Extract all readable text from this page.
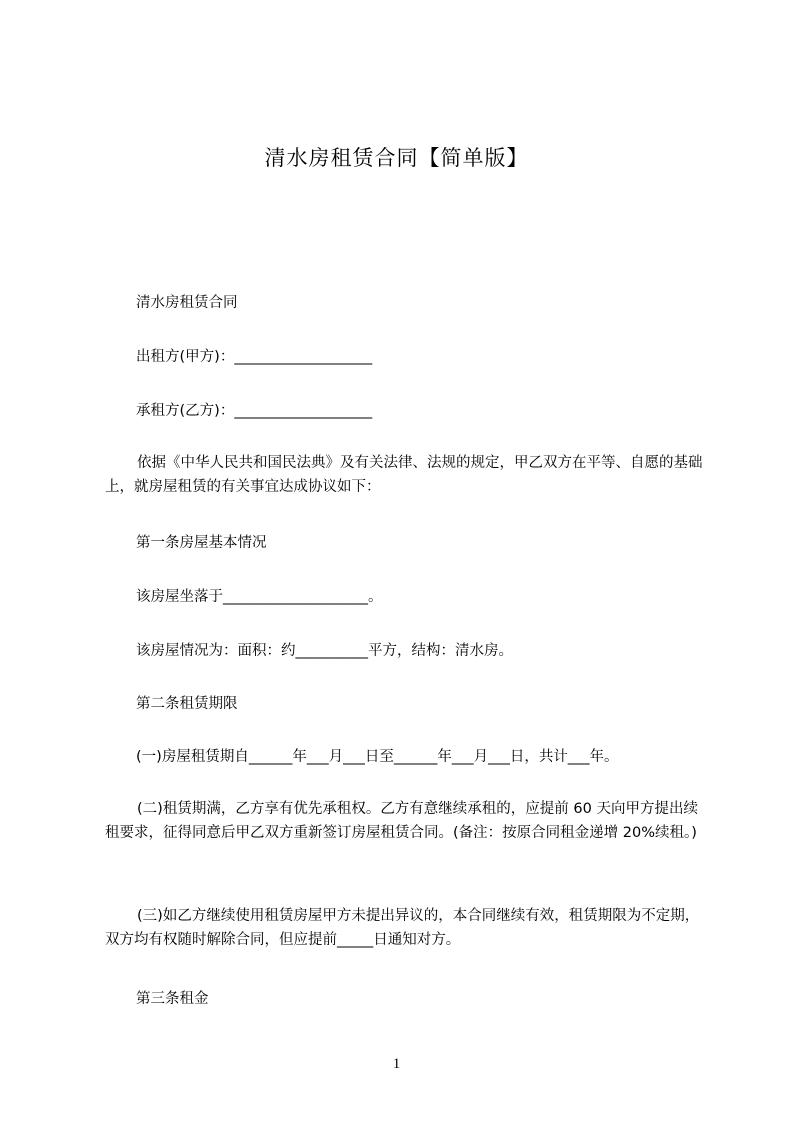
清水房租赁合同【简单版】
清水房租赁合同
出租方(甲方)：___________________
承租方(乙方)：___________________
依据《中华人民共和国民法典》及有关法律、法规的规定，甲乙双方在平等、自愿的基础上，就房屋租赁的有关事宜达成协议如下：
第一条房屋基本情况
该房屋坐落于____________________。
该房屋情况为：面积：约__________平方，结构：清水房。
第二条租赁期限
(一)房屋租赁期自______年___月___日至______年___月___日，共计___年。
(二)租赁期满，乙方享有优先承租权。乙方有意继续承租的，应提前 60 天向甲方提出续租要求，征得同意后甲乙双方重新签订房屋租赁合同。(备注：按原合同租金递增 20%续租。)
(三)如乙方继续使用租赁房屋甲方未提出异议的，本合同继续有效，租赁期限为不定期，双方均有权随时解除合同，但应提前_____日通知对方。
第三条租金
1
